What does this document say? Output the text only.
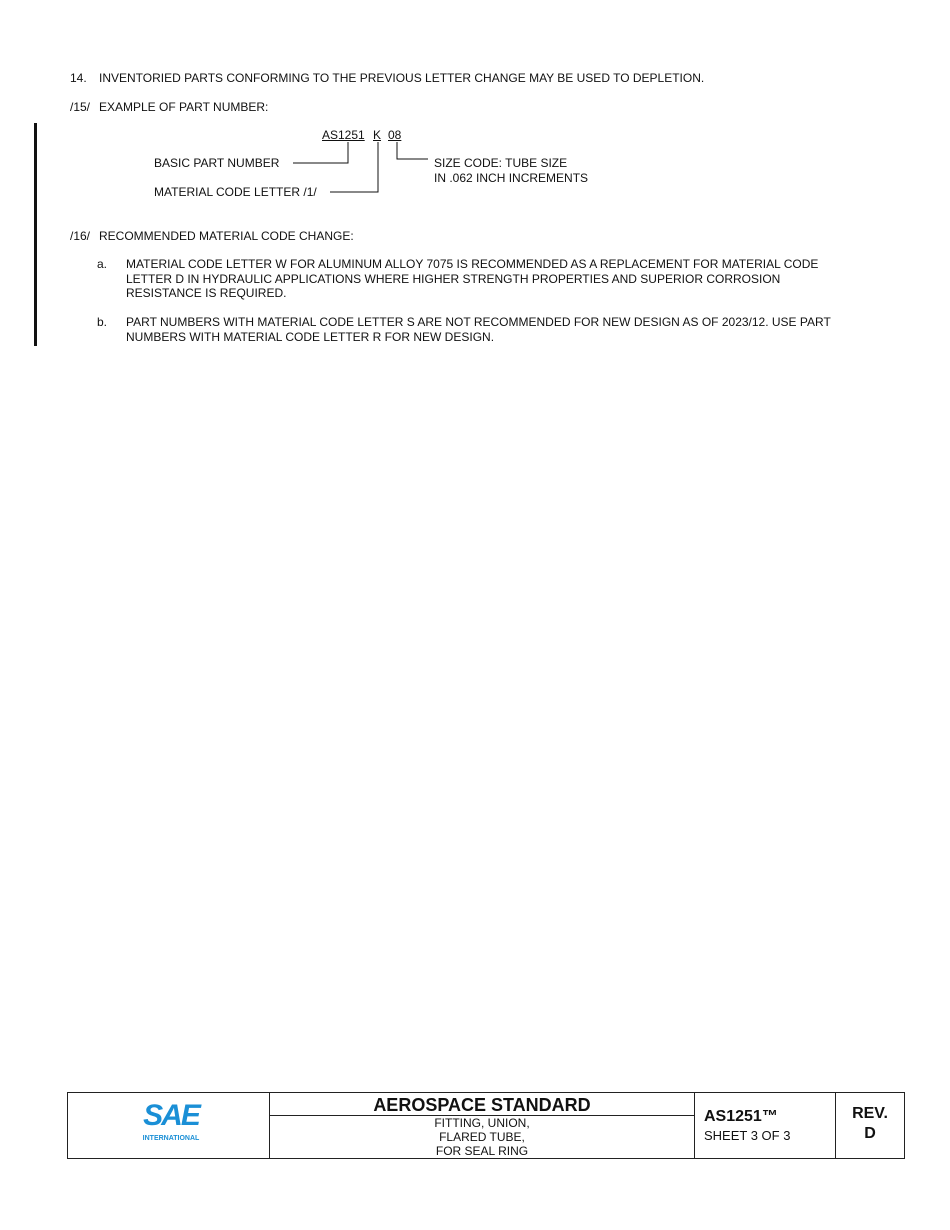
14. INVENTORIED PARTS CONFORMING TO THE PREVIOUS LETTER CHANGE MAY BE USED TO DEPLETION.
/15/ EXAMPLE OF PART NUMBER:
AS1251 K 08
BASIC PART NUMBER
MATERIAL CODE LETTER /1/
SIZE CODE: TUBE SIZE
IN .062 INCH INCREMENTS
/16/ RECOMMENDED MATERIAL CODE CHANGE:
a. MATERIAL CODE LETTER W FOR ALUMINUM ALLOY 7075 IS RECOMMENDED AS A REPLACEMENT FOR MATERIAL CODE
LETTER D IN HYDRAULIC APPLICATIONS WHERE HIGHER STRENGTH PROPERTIES AND SUPERIOR CORROSION
RESISTANCE IS REQUIRED.
b. PART NUMBERS WITH MATERIAL CODE LETTER S ARE NOT RECOMMENDED FOR NEW DESIGN AS OF 2023/12. USE PART
NUMBERS WITH MATERIAL CODE LETTER R FOR NEW DESIGN.
SAE
INTERNATIONAL
AEROSPACE STANDARD
FITTING, UNION,
FLARED TUBE,
FOR SEAL RING
AS1251™
SHEET 3 OF 3
REV.
D
